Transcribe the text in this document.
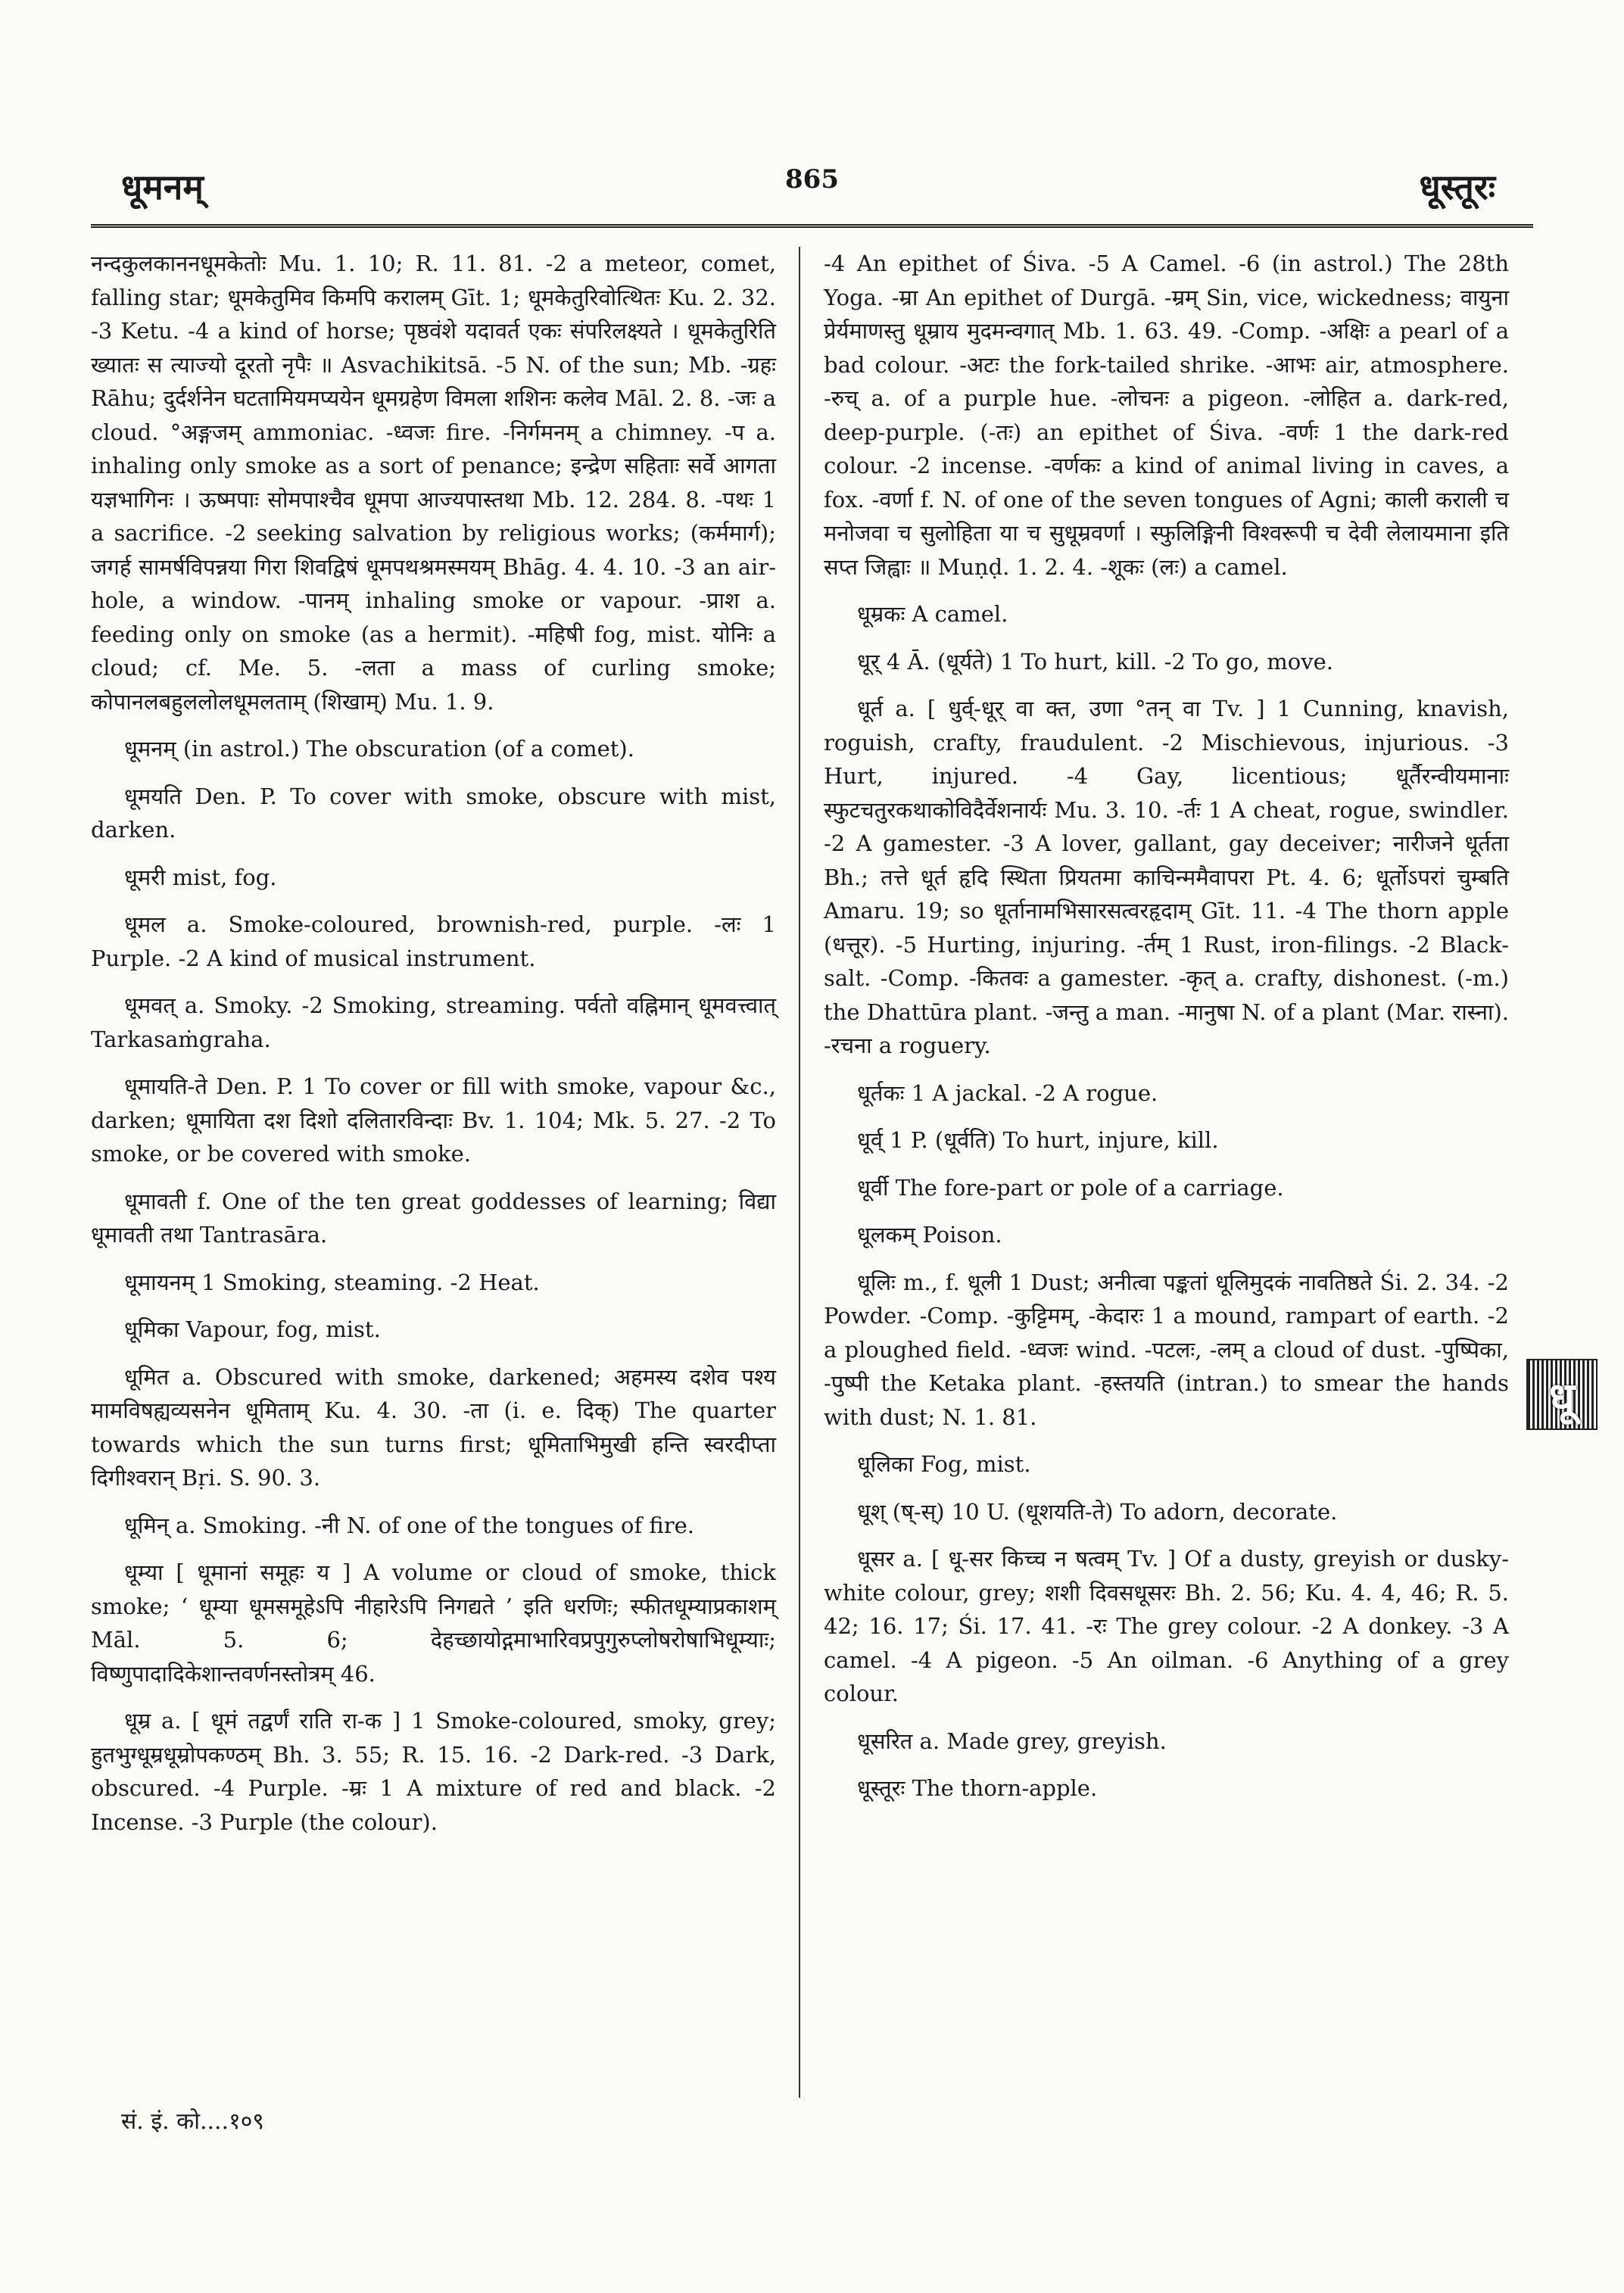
धूमनम्	865	धूस्तूरः
नन्दकुलकाननधूमकेतोः Mu. 1. 10; R. 11. 81. -2 a meteor, comet, falling star; धूमकेतुमिव किमपि करालम् Gīt. 1; धूमकेतुरिवोत्थितः Ku. 2. 32. -3 Ketu. -4 a kind of horse; पृष्ठवंशे यदावर्त एकः संपरिलक्ष्यते । धूमकेतुरिति ख्यातः स त्याज्यो दूरतो नृपैः ॥ Asvachikitsā. -5 N. of the sun; Mb. -ग्रहः Rāhu; दुर्दर्शनेन घटतामियमप्ययेन धूमग्रहेण विमला शशिनः कलेव Māl. 2. 8. -जः a cloud. °अङ्गजम् ammoniac. -ध्वजः fire. -निर्गमनम् a chimney. -प a. inhaling only smoke as a sort of penance; इन्द्रेण सहिताः सर्वे आगता यज्ञभागिनः । ऊष्मपाः सोमपाश्चैव धूमपा आज्यपास्तथा Mb. 12. 284. 8. -पथः 1 a sacrifice. -2 seeking salvation by religious works; (कर्ममार्ग); जगर्ह सामर्षविपन्नया गिरा शिवद्विषं धूमपथश्रमस्मयम् Bhāg. 4. 4. 10. -3 an air-hole, a window. -पानम् inhaling smoke or vapour. -प्राश a. feeding only on smoke (as a hermit). -महिषी fog, mist. योनिः a cloud; cf. Me. 5. -लता a mass of curling smoke; कोपानलबहुललोलधूमलताम् (शिखाम्) Mu. 1. 9.
धूमनम् (in astrol.) The obscuration (of a comet).
धूमयति Den. P. To cover with smoke, obscure with mist, darken.
धूमरी mist, fog.
धूमल a. Smoke-coloured, brownish-red, purple. -लः 1 Purple. -2 A kind of musical instrument.
धूमवत् a. Smoky. -2 Smoking, streaming. पर्वतो वह्निमान् धूमवत्त्वात् Tarkasaṁgraha.
धूमायति-ते Den. P. 1 To cover or fill with smoke, vapour &c., darken; धूमायिता दश दिशो दलितारविन्दाः Bv. 1. 104; Mk. 5. 27. -2 To smoke, or be covered with smoke.
धूमावती f. One of the ten great goddesses of learning; विद्या धूमावती तथा Tantrasāra.
धूमायनम् 1 Smoking, steaming. -2 Heat.
धूमिका Vapour, fog, mist.
धूमित a. Obscured with smoke, darkened; अहमस्य दशेव पश्य मामविषह्यव्यसनेन धूमिताम् Ku. 4. 30. -ता (i. e. दिक्) The quarter towards which the sun turns first; धूमिताभिमुखी हन्ति स्वरदीप्ता दिगीश्वरान् Bṛi. S. 90. 3.
धूमिन् a. Smoking. -नी N. of one of the tongues of fire.
धूम्या [ धूमानां समूहः य ] A volume or cloud of smoke, thick smoke; ‘ धूम्या धूमसमूहेऽपि नीहारेऽपि निगद्यते ’ इति धरणिः; स्फीतधूम्याप्रकाशम् Māl. 5. 6; देहच्छायोद्गमाभारिवप्रपुगुरुप्लोषरोषाभिधूम्याः; विष्णुपादादिकेशान्तवर्णनस्तोत्रम् 46.
धूम्र a. [ धूमं तद्वर्णं राति रा-क ] 1 Smoke-coloured, smoky, grey; हुतभुग्धूम्रधूम्रोपकण्ठम् Bh. 3. 55; R. 15. 16. -2 Dark-red. -3 Dark, obscured. -4 Purple. -म्रः 1 A mixture of red and black. -2 Incense. -3 Purple (the colour).
-4 An epithet of Śiva. -5 A Camel. -6 (in astrol.) The 28th Yoga. -म्रा An epithet of Durgā. -म्रम् Sin, vice, wickedness; वायुना प्रेर्यमाणस्तु धूम्राय मुदमन्वगात् Mb. 1. 63. 49. -Comp. -अक्षिः a pearl of a bad colour. -अटः the fork-tailed shrike. -आभः air, atmosphere. -रुच् a. of a purple hue. -लोचनः a pigeon. -लोहित a. dark-red, deep-purple. (-तः) an epithet of Śiva. -वर्णः 1 the dark-red colour. -2 incense. -वर्णकः a kind of animal living in caves, a fox. -वर्णा f. N. of one of the seven tongues of Agni; काली कराली च मनोजवा च सुलोहिता या च सुधूम्रवर्णा । स्फुलिङ्गिनी विश्वरूपी च देवी लेलायमाना इति सप्त जिह्वाः ॥ Muṇḍ. 1. 2. 4. -शूकः (लः) a camel.
धूम्रकः A camel.
धूर् 4 Ā. (धूर्यते) 1 To hurt, kill. -2 To go, move.
धूर्त a. [ धुर्व्-धूर् वा क्त, उणा °तन् वा Tv. ] 1 Cunning, knavish, roguish, crafty, fraudulent. -2 Mischievous, injurious. -3 Hurt, injured. -4 Gay, licentious; धूर्तैरन्वीयमानाः स्फुटचतुरकथाकोविदैर्वेशनार्यः Mu. 3. 10. -र्तः 1 A cheat, rogue, swindler. -2 A gamester. -3 A lover, gallant, gay deceiver; नारीजने धूर्तता Bh.; तत्ते धूर्त हृदि स्थिता प्रियतमा काचिन्ममैवापरा Pt. 4. 6; धूर्तोऽपरां चुम्बति Amaru. 19; so धूर्तानामभिसारसत्वरहृदाम् Gīt. 11. -4 The thorn apple (धत्तूर). -5 Hurting, injuring. -र्तम् 1 Rust, iron-filings. -2 Black-salt. -Comp. -कितवः a gamester. -कृत् a. crafty, dishonest. (-m.) the Dhattūra plant. -जन्तु a man. -मानुषा N. of a plant (Mar. रास्ना). -रचना a roguery.
धूर्तकः 1 A jackal. -2 A rogue.
धूर्व् 1 P. (धूर्वति) To hurt, injure, kill.
धूर्वी The fore-part or pole of a carriage.
धूलकम् Poison.
धूलिः m., f. धूली 1 Dust; अनीत्वा पङ्कतां धूलिमुदकं नावतिष्ठते Śi. 2. 34. -2 Powder. -Comp. -कुट्टिमम्, -केदारः 1 a mound, rampart of earth. -2 a ploughed field. -ध्वजः wind. -पटलः, -लम् a cloud of dust. -पुष्पिका, -पुष्पी the Ketaka plant. -हस्तयति (intran.) to smear the hands with dust; N. 1. 81.
धूलिका Fog, mist.
धूश् (ष्-स्) 10 U. (धूशयति-ते) To adorn, decorate.
धूसर a. [ धू-सर किच्च न षत्वम् Tv. ] Of a dusty, greyish or dusky-white colour, grey; शशी दिवसधूसरः Bh. 2. 56; Ku. 4. 4, 46; R. 5. 42; 16. 17; Śi. 17. 41. -रः The grey colour. -2 A donkey. -3 A camel. -4 A pigeon. -5 An oilman. -6 Anything of a grey colour.
धूसरित a. Made grey, greyish.
धूस्तूरः The thorn-apple.
सं. इं. को....१०९
धू
